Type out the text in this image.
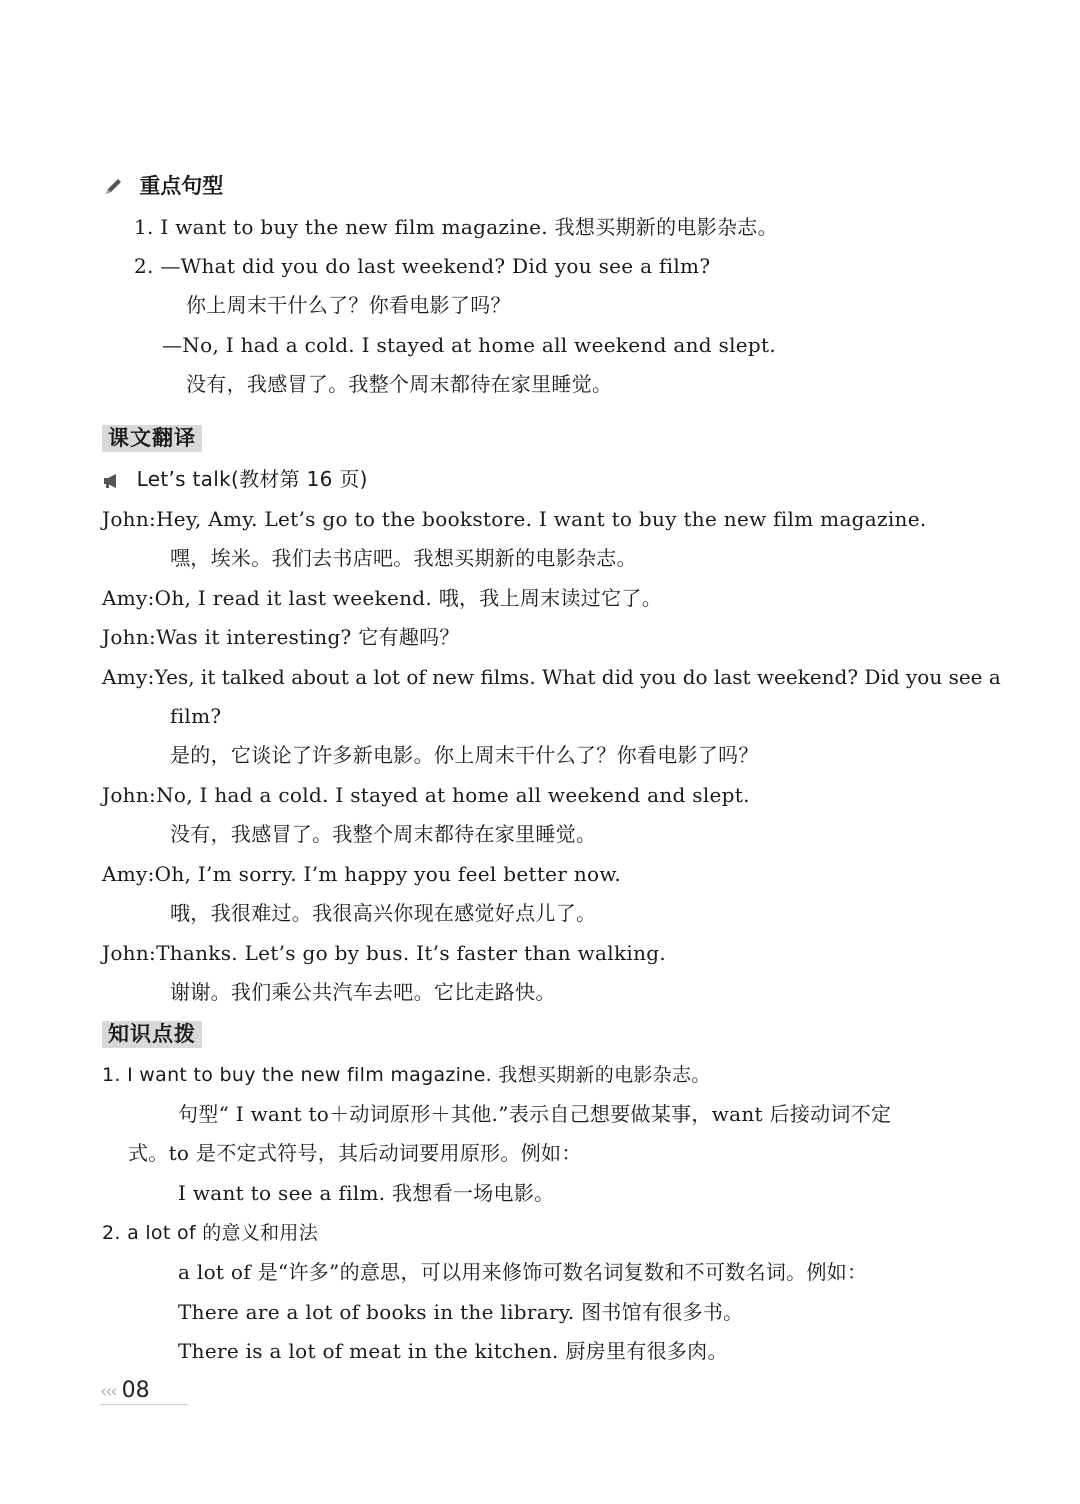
重点句型
1. I want to buy the new film magazine. 我想买期新的电影杂志。
2. —What did you do last weekend? Did you see a film?
你上周末干什么了？你看电影了吗？
—No, I had a cold. I stayed at home all weekend and slept.
没有，我感冒了。我整个周末都待在家里睡觉。
课文翻译
Let’s talk(教材第 16 页)
John:Hey, Amy. Let’s go to the bookstore. I want to buy the new film magazine.
嘿，埃米。我们去书店吧。我想买期新的电影杂志。
Amy:Oh, I read it last weekend. 哦，我上周末读过它了。
John:Was it interesting? 它有趣吗？
Amy:Yes, it talked about a lot of new films. What did you do last weekend? Did you see a
film?
是的，它谈论了许多新电影。你上周末干什么了？你看电影了吗？
John:No, I had a cold. I stayed at home all weekend and slept.
没有，我感冒了。我整个周末都待在家里睡觉。
Amy:Oh, I’m sorry. I’m happy you feel better now.
哦，我很难过。我很高兴你现在感觉好点儿了。
John:Thanks. Let’s go by bus. It’s faster than walking.
谢谢。我们乘公共汽车去吧。它比走路快。
知识点拨
1. I want to buy the new film magazine. 我想买期新的电影杂志。
句型“ I want to＋动词原形＋其他.”表示自己想要做某事，want 后接动词不定
式。to 是不定式符号，其后动词要用原形。例如：
I want to see a film. 我想看一场电影。
2. a lot of 的意义和用法
a lot of 是“许多”的意思，可以用来修饰可数名词复数和不可数名词。例如：
There are a lot of books in the library. 图书馆有很多书。
There is a lot of meat in the kitchen. 厨房里有很多肉。
‹‹‹ 08
